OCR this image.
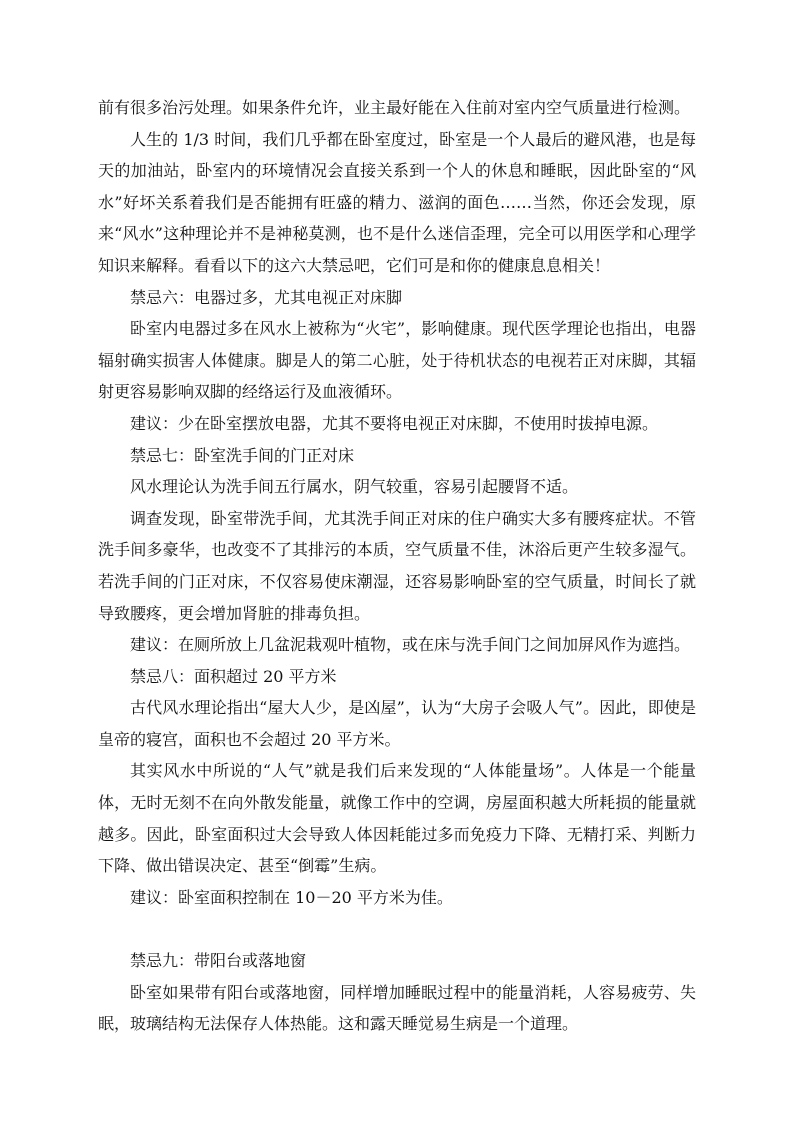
前有很多治污处理。如果条件允许，业主最好能在入住前对室内空气质量进行检测。

人生的 1/3 时间，我们几乎都在卧室度过，卧室是一个人最后的避风港，也是每天的加油站，卧室内的环境情况会直接关系到一个人的休息和睡眠，因此卧室的“风水”好坏关系着我们是否能拥有旺盛的精力、滋润的面色……当然，你还会发现，原来“风水”这种理论并不是神秘莫测，也不是什么迷信歪理，完全可以用医学和心理学知识来解释。看看以下的这六大禁忌吧，它们可是和你的健康息息相关！

禁忌六：电器过多，尤其电视正对床脚

卧室内电器过多在风水上被称为“火宅”，影响健康。现代医学理论也指出，电器辐射确实损害人体健康。脚是人的第二心脏，处于待机状态的电视若正对床脚，其辐射更容易影响双脚的经络运行及血液循环。

建议：少在卧室摆放电器，尤其不要将电视正对床脚，不使用时拔掉电源。

禁忌七：卧室洗手间的门正对床

风水理论认为洗手间五行属水，阴气较重，容易引起腰肾不适。

调查发现，卧室带洗手间，尤其洗手间正对床的住户确实大多有腰疼症状。不管洗手间多豪华，也改变不了其排污的本质，空气质量不佳，沐浴后更产生较多湿气。若洗手间的门正对床，不仅容易使床潮湿，还容易影响卧室的空气质量，时间长了就导致腰疼，更会增加肾脏的排毒负担。

建议：在厕所放上几盆泥栽观叶植物，或在床与洗手间门之间加屏风作为遮挡。

禁忌八：面积超过 20 平方米

古代风水理论指出“屋大人少，是凶屋”，认为“大房子会吸人气”。因此，即使是皇帝的寝宫，面积也不会超过 20 平方米。

其实风水中所说的“人气”就是我们后来发现的“人体能量场”。人体是一个能量体，无时无刻不在向外散发能量，就像工作中的空调，房屋面积越大所耗损的能量就越多。因此，卧室面积过大会导致人体因耗能过多而免疫力下降、无精打采、判断力下降、做出错误决定、甚至“倒霉”生病。

建议：卧室面积控制在 10－20 平方米为佳。

禁忌九：带阳台或落地窗

卧室如果带有阳台或落地窗，同样增加睡眠过程中的能量消耗，人容易疲劳、失眠，玻璃结构无法保存人体热能。这和露天睡觉易生病是一个道理。
